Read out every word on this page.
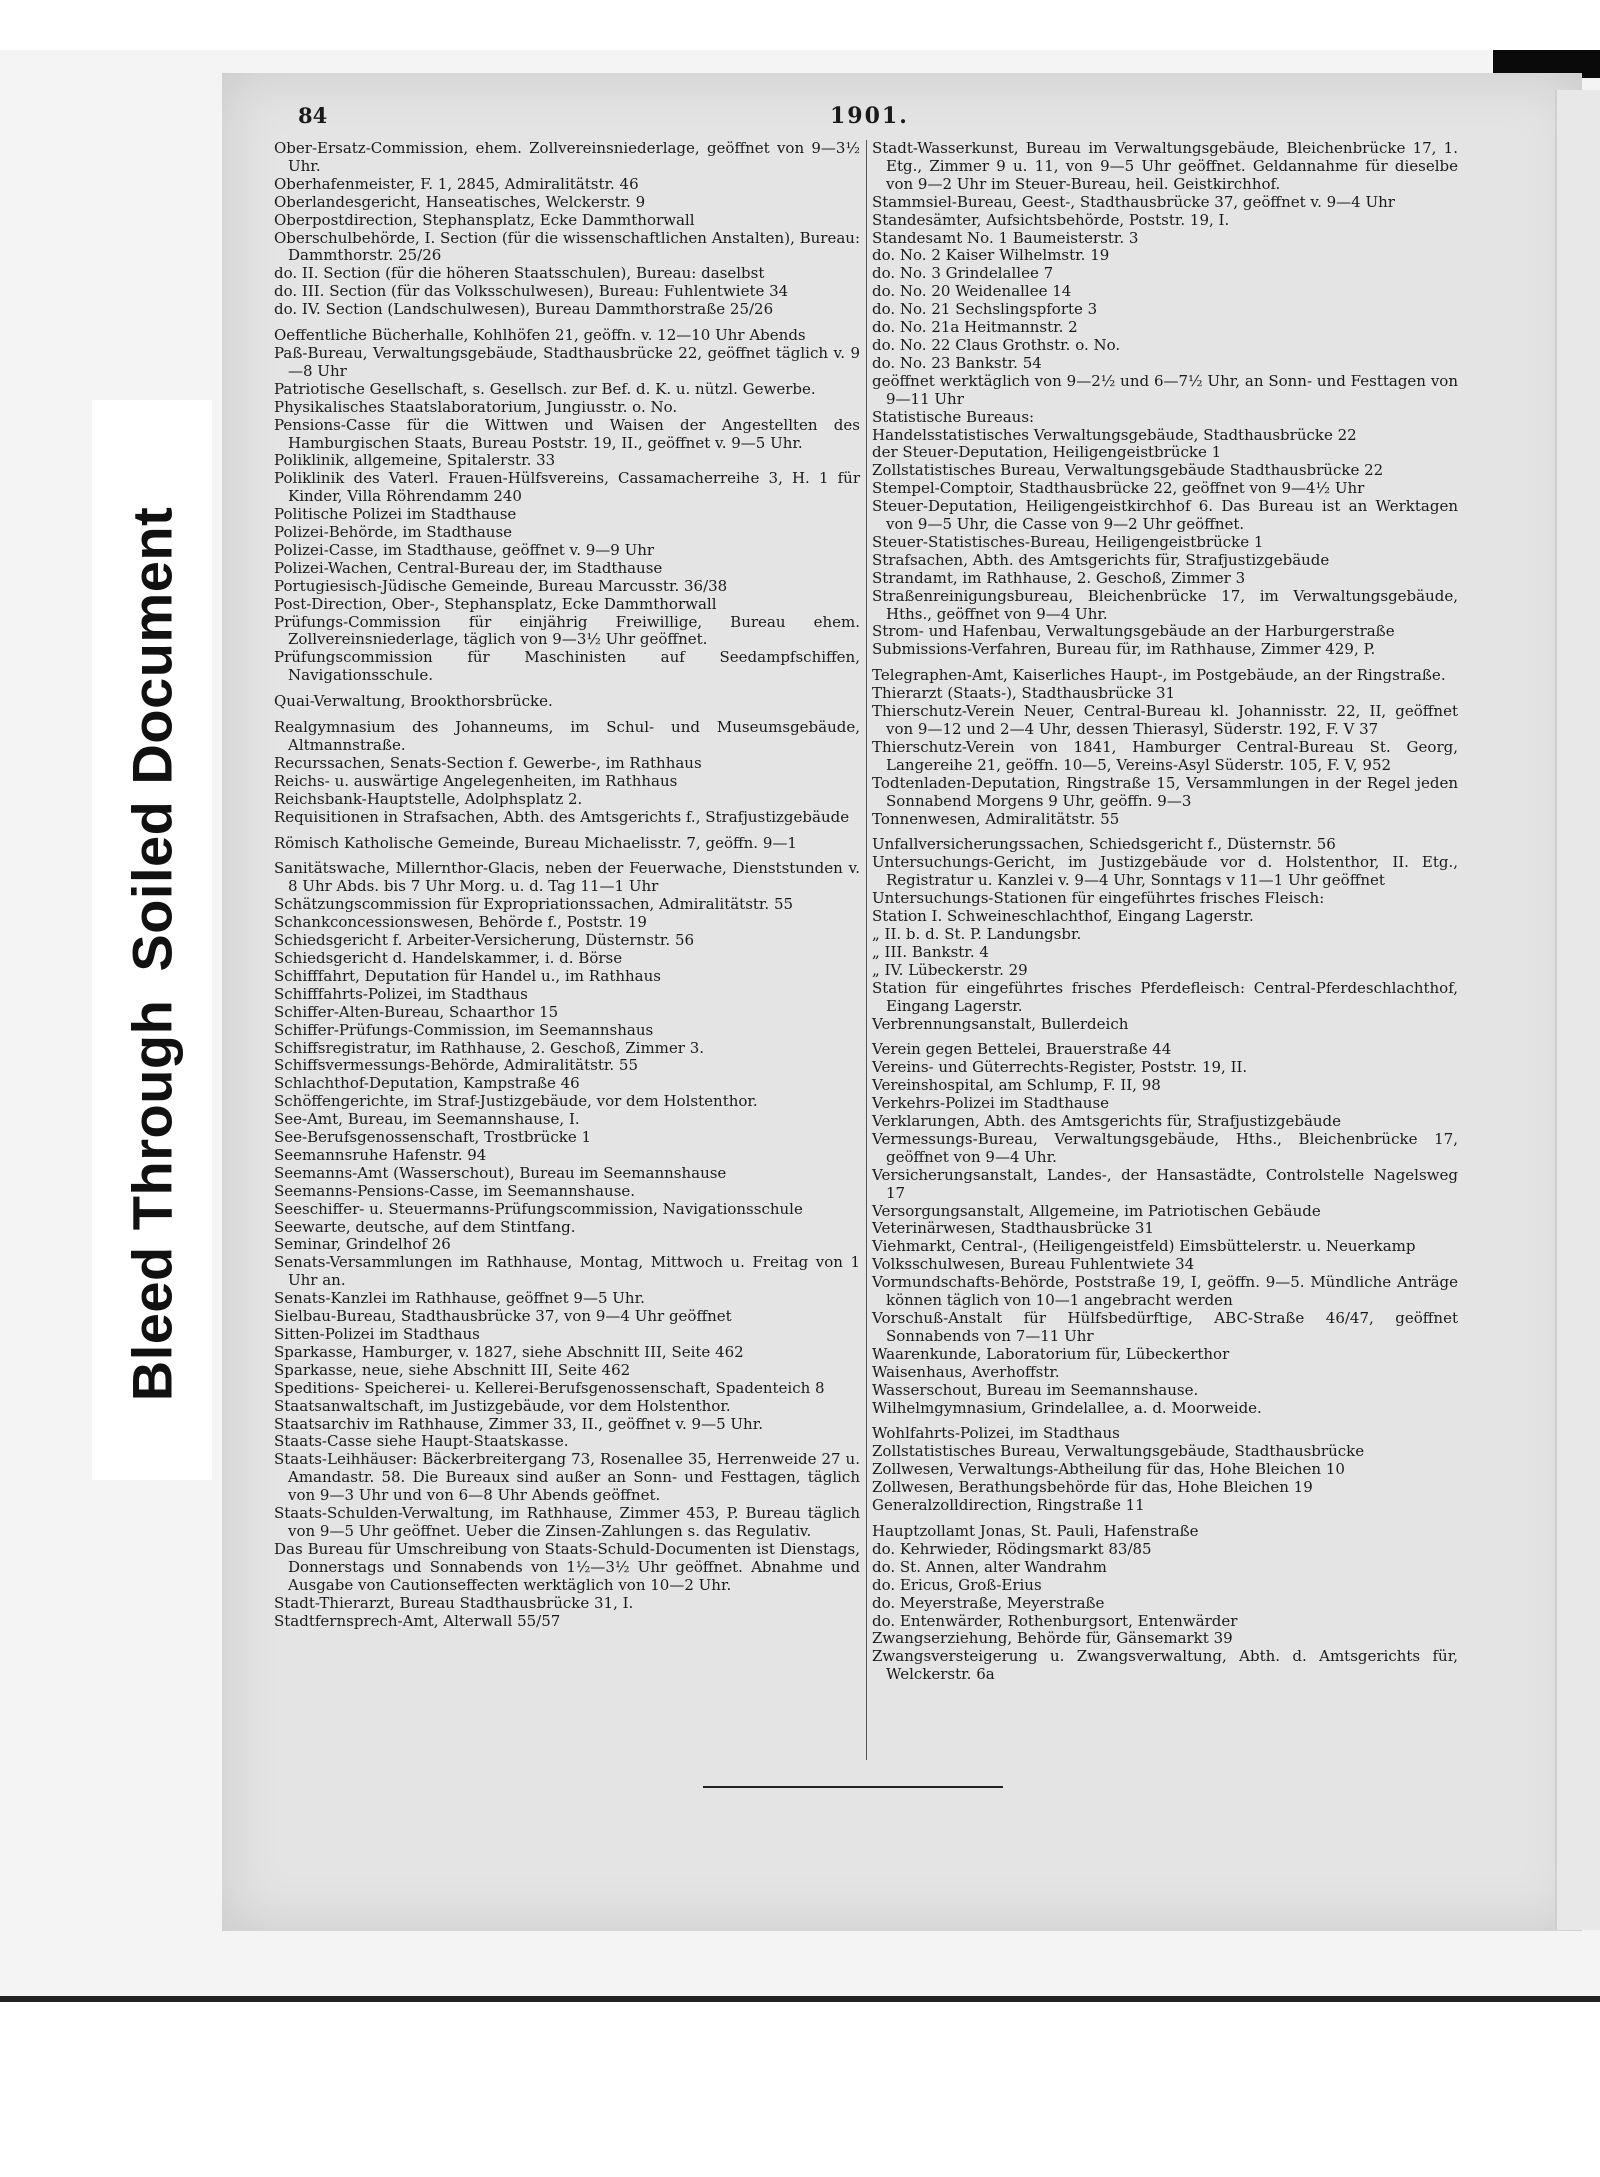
Bleed ThroughSoiled Document
84	1901.

Ober-Ersatz-Commission, ehem. Zollvereinsniederlage, geöffnet von 9—3½ Uhr.

Oberhafenmeister, F. 1, 2845, Admiralitätstr. 46

Oberlandesgericht, Hanseatisches, Welckerstr. 9

Oberpostdirection, Stephansplatz, Ecke Dammthorwall

Oberschulbehörde, I. Section (für die wissenschaftlichen Anstalten), Bureau: Dammthorstr. 25/26

do. II. Section (für die höheren Staatsschulen), Bureau: daselbst

do. III. Section (für das Volksschulwesen), Bureau: Fuhlentwiete 34

do. IV. Section (Landschulwesen), Bureau Dammthorstraße 25/26

Oeffentliche Bücherhalle, Kohlhöfen 21, geöffn. v. 12—10 Uhr Abends

Paß-Bureau, Verwaltungsgebäude, Stadthausbrücke 22, geöffnet täglich v. 9—8 Uhr

Patriotische Gesellschaft, s. Gesellsch. zur Bef. d. K. u. nützl. Gewerbe.

Physikalisches Staatslaboratorium, Jungiusstr. o. No.

Pensions-Casse für die Wittwen und Waisen der Angestellten des Hamburgischen Staats, Bureau Poststr. 19, II., geöffnet v. 9—5 Uhr.

Poliklinik, allgemeine, Spitalerstr. 33

Poliklinik des Vaterl. Frauen-Hülfsvereins, Cassamacherreihe 3, H. 1 für Kinder, Villa Röhrendamm 240

Politische Polizei im Stadthause

Polizei-Behörde, im Stadthause

Polizei-Casse, im Stadthause, geöffnet v. 9—9 Uhr

Polizei-Wachen, Central-Bureau der, im Stadthause

Portugiesisch-Jüdische Gemeinde, Bureau Marcusstr. 36/38

Post-Direction, Ober-, Stephansplatz, Ecke Dammthorwall

Prüfungs-Commission für einjährig Freiwillige, Bureau ehem. Zollvereinsniederlage, täglich von 9—3½ Uhr geöffnet.

Prüfungscommission für Maschinisten auf Seedampfschiffen, Navigationsschule.

Quai-Verwaltung, Brookthorsbrücke.

Realgymnasium des Johanneums, im Schul- und Museumsgebäude, Altmannstraße.

Recurssachen, Senats-Section f. Gewerbe-, im Rathhaus

Reichs- u. auswärtige Angelegenheiten, im Rathhaus

Reichsbank-Hauptstelle, Adolphsplatz 2.

Requisitionen in Strafsachen, Abth. des Amtsgerichts f., Strafjustizgebäude

Römisch Katholische Gemeinde, Bureau Michaelisstr. 7, geöffn. 9—1

Sanitätswache, Millernthor-Glacis, neben der Feuerwache, Dienststunden v. 8 Uhr Abds. bis 7 Uhr Morg. u. d. Tag 11—1 Uhr

Schätzungscommission für Expropriationssachen, Admiralitätstr. 55

Schankconcessionswesen, Behörde f., Poststr. 19

Schiedsgericht f. Arbeiter-Versicherung, Düsternstr. 56

Schiedsgericht d. Handelskammer, i. d. Börse

Schifffahrt, Deputation für Handel u., im Rathhaus

Schifffahrts-Polizei, im Stadthaus

Schiffer-Alten-Bureau, Schaarthor 15

Schiffer-Prüfungs-Commission, im Seemannshaus

Schiffsregistratur, im Rathhause, 2. Geschoß, Zimmer 3.

Schiffsvermessungs-Behörde, Admiralitätstr. 55

Schlachthof-Deputation, Kampstraße 46

Schöffengerichte, im Straf-Justizgebäude, vor dem Holstenthor.

See-Amt, Bureau, im Seemannshause, I.

See-Berufsgenossenschaft, Trostbrücke 1

Seemannsruhe Hafenstr. 94

Seemanns-Amt (Wasserschout), Bureau im Seemannshause

Seemanns-Pensions-Casse, im Seemannshause.

Seeschiffer- u. Steuermanns-Prüfungscommission, Navigationsschule

Seewarte, deutsche, auf dem Stintfang.

Seminar, Grindelhof 26

Senats-Versammlungen im Rathhause, Montag, Mittwoch u. Freitag von 1 Uhr an.

Senats-Kanzlei im Rathhause, geöffnet 9—5 Uhr.

Sielbau-Bureau, Stadthausbrücke 37, von 9—4 Uhr geöffnet

Sitten-Polizei im Stadthaus

Sparkasse, Hamburger, v. 1827, siehe Abschnitt III, Seite 462

Sparkasse, neue, siehe Abschnitt III, Seite 462

Speditions- Speicherei- u. Kellerei-Berufsgenossenschaft, Spadenteich 8

Staatsanwaltschaft, im Justizgebäude, vor dem Holstenthor.

Staatsarchiv im Rathhause, Zimmer 33, II., geöffnet v. 9—5 Uhr.

Staats-Casse siehe Haupt-Staatskasse.

Staats-Leihhäuser: Bäckerbreitergang 73, Rosenallee 35, Herrenweide 27 u. Amandastr. 58. Die Bureaux sind außer an Sonn- und Festtagen, täglich von 9—3 Uhr und von 6—8 Uhr Abends geöffnet.

Staats-Schulden-Verwaltung, im Rathhause, Zimmer 453, P. Bureau täglich von 9—5 Uhr geöffnet. Ueber die Zinsen-Zahlungen s. das Regulativ.

Das Bureau für Umschreibung von Staats-Schuld-Documenten ist Dienstags, Donnerstags und Sonnabends von 1½—3½ Uhr geöffnet. Abnahme und Ausgabe von Cautionseffecten werktäglich von 10—2 Uhr.

Stadt-Thierarzt, Bureau Stadthausbrücke 31, I.

Stadtfernsprech-Amt, Alterwall 55/57

Stadt-Wasserkunst, Bureau im Verwaltungsgebäude, Bleichenbrücke 17, 1. Etg., Zimmer 9 u. 11, von 9—5 Uhr geöffnet. Geldannahme für dieselbe von 9—2 Uhr im Steuer-Bureau, heil. Geistkirchhof.

Stammsiel-Bureau, Geest-, Stadthausbrücke 37, geöffnet v. 9—4 Uhr

Standesämter, Aufsichtsbehörde, Poststr. 19, I.

Standesamt No. 1 Baumeisterstr. 3

do. No. 2 Kaiser Wilhelmstr. 19

do. No. 3 Grindelallee 7

do. No. 20 Weidenallee 14

do. No. 21 Sechslingspforte 3

do. No. 21a Heitmannstr. 2

do. No. 22 Claus Grothstr. o. No.

do. No. 23 Bankstr. 54

geöffnet werktäglich von 9—2½ und 6—7½ Uhr, an Sonn- und Festtagen von 9—11 Uhr

Statistische Bureaus:

Handelsstatistisches Verwaltungsgebäude, Stadthausbrücke 22

der Steuer-Deputation, Heiligengeistbrücke 1

Zollstatistisches Bureau, Verwaltungsgebäude Stadthausbrücke 22

Stempel-Comptoir, Stadthausbrücke 22, geöffnet von 9—4½ Uhr

Steuer-Deputation, Heiligengeistkirchhof 6. Das Bureau ist an Werktagen von 9—5 Uhr, die Casse von 9—2 Uhr geöffnet.

Steuer-Statistisches-Bureau, Heiligengeistbrücke 1

Strafsachen, Abth. des Amtsgerichts für, Strafjustizgebäude

Strandamt, im Rathhause, 2. Geschoß, Zimmer 3

Straßenreinigungsbureau, Bleichenbrücke 17, im Verwaltungsgebäude, Hths., geöffnet von 9—4 Uhr.

Strom- und Hafenbau, Verwaltungsgebäude an der Harburgerstraße

Submissions-Verfahren, Bureau für, im Rathhause, Zimmer 429, P.

Telegraphen-Amt, Kaiserliches Haupt-, im Postgebäude, an der Ringstraße.

Thierarzt (Staats-), Stadthausbrücke 31

Thierschutz-Verein Neuer, Central-Bureau kl. Johannisstr. 22, II, geöffnet von 9—12 und 2—4 Uhr, dessen Thierasyl, Süderstr. 192, F. V 37

Thierschutz-Verein von 1841, Hamburger Central-Bureau St. Georg, Langereihe 21, geöffn. 10—5, Vereins-Asyl Süderstr. 105, F. V, 952

Todtenladen-Deputation, Ringstraße 15, Versammlungen in der Regel jeden Sonnabend Morgens 9 Uhr, geöffn. 9—3

Tonnenwesen, Admiralitätstr. 55

Unfallversicherungssachen, Schiedsgericht f., Düsternstr. 56

Untersuchungs-Gericht, im Justizgebäude vor d. Holstenthor, II. Etg., Registratur u. Kanzlei v. 9—4 Uhr, Sonntags v 11—1 Uhr geöffnet

Untersuchungs-Stationen für eingeführtes frisches Fleisch:

Station I. Schweineschlachthof, Eingang Lagerstr.

„ II. b. d. St. P. Landungsbr.

„ III. Bankstr. 4

„ IV. Lübeckerstr. 29

Station für eingeführtes frisches Pferdefleisch: Central-Pferdeschlachthof, Eingang Lagerstr.

Verbrennungsanstalt, Bullerdeich

Verein gegen Bettelei, Brauerstraße 44

Vereins- und Güterrechts-Register, Poststr. 19, II.

Vereinshospital, am Schlump, F. II, 98

Verkehrs-Polizei im Stadthause

Verklarungen, Abth. des Amtsgerichts für, Strafjustizgebäude

Vermessungs-Bureau, Verwaltungsgebäude, Hths., Bleichenbrücke 17, geöffnet von 9—4 Uhr.

Versicherungsanstalt, Landes-, der Hansastädte, Controlstelle Nagelsweg 17

Versorgungsanstalt, Allgemeine, im Patriotischen Gebäude

Veterinärwesen, Stadthausbrücke 31

Viehmarkt, Central-, (Heiligengeistfeld) Eimsbüttelerstr. u. Neuerkamp

Volksschulwesen, Bureau Fuhlentwiete 34

Vormundschafts-Behörde, Poststraße 19, I, geöffn. 9—5. Mündliche Anträge können täglich von 10—1 angebracht werden

Vorschuß-Anstalt für Hülfsbedürftige, ABC-Straße 46/47, geöffnet Sonnabends von 7—11 Uhr

Waarenkunde, Laboratorium für, Lübeckerthor

Waisenhaus, Averhoffstr.

Wasserschout, Bureau im Seemannshause.

Wilhelmgymnasium, Grindelallee, a. d. Moorweide.

Wohlfahrts-Polizei, im Stadthaus

Zollstatistisches Bureau, Verwaltungsgebäude, Stadthausbrücke

Zollwesen, Verwaltungs-Abtheilung für das, Hohe Bleichen 10

Zollwesen, Berathungsbehörde für das, Hohe Bleichen 19

Generalzolldirection, Ringstraße 11

Hauptzollamt Jonas, St. Pauli, Hafenstraße

do. Kehrwieder, Rödingsmarkt 83/85

do. St. Annen, alter Wandrahm

do. Ericus, Groß-Erius

do. Meyerstraße, Meyerstraße

do. Entenwärder, Rothenburgsort, Entenwärder

Zwangserziehung, Behörde für, Gänsemarkt 39

Zwangsversteigerung u. Zwangsverwaltung, Abth. d. Amtsgerichts für, Welckerstr. 6a
